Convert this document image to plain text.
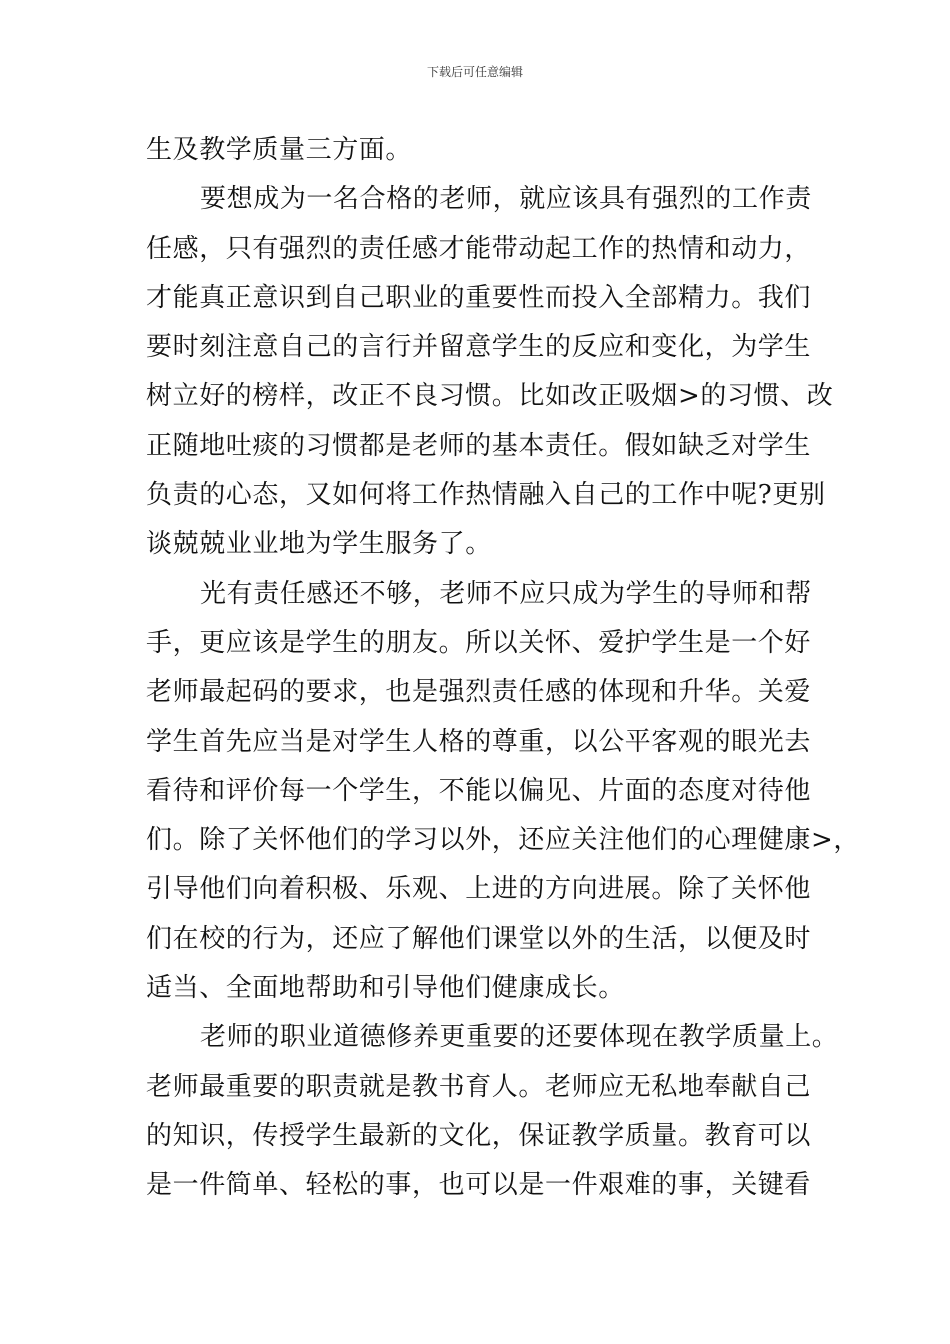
下载后可任意编辑
生及教学质量三方面。
要想成为一名合格的老师，就应该具有强烈的工作责
任感，只有强烈的责任感才能带动起工作的热情和动力，
才能真正意识到自己职业的重要性而投入全部精力。我们
要时刻注意自己的言行并留意学生的反应和变化，为学生
树立好的榜样，改正不良习惯。比如改正吸烟>的习惯、改
正随地吐痰的习惯都是老师的基本责任。假如缺乏对学生
负责的心态，又如何将工作热情融入自己的工作中呢?更别
谈兢兢业业地为学生服务了。
光有责任感还不够，老师不应只成为学生的导师和帮
手，更应该是学生的朋友。所以关怀、爱护学生是一个好
老师最起码的要求，也是强烈责任感的体现和升华。关爱
学生首先应当是对学生人格的尊重，以公平客观的眼光去
看待和评价每一个学生，不能以偏见、片面的态度对待他
们。除了关怀他们的学习以外，还应关注他们的心理健康>，
引导他们向着积极、乐观、上进的方向进展。除了关怀他
们在校的行为，还应了解他们课堂以外的生活，以便及时
适当、全面地帮助和引导他们健康成长。
老师的职业道德修养更重要的还要体现在教学质量上。
老师最重要的职责就是教书育人。老师应无私地奉献自己
的知识，传授学生最新的文化，保证教学质量。教育可以
是一件简单、轻松的事，也可以是一件艰难的事，关键看
